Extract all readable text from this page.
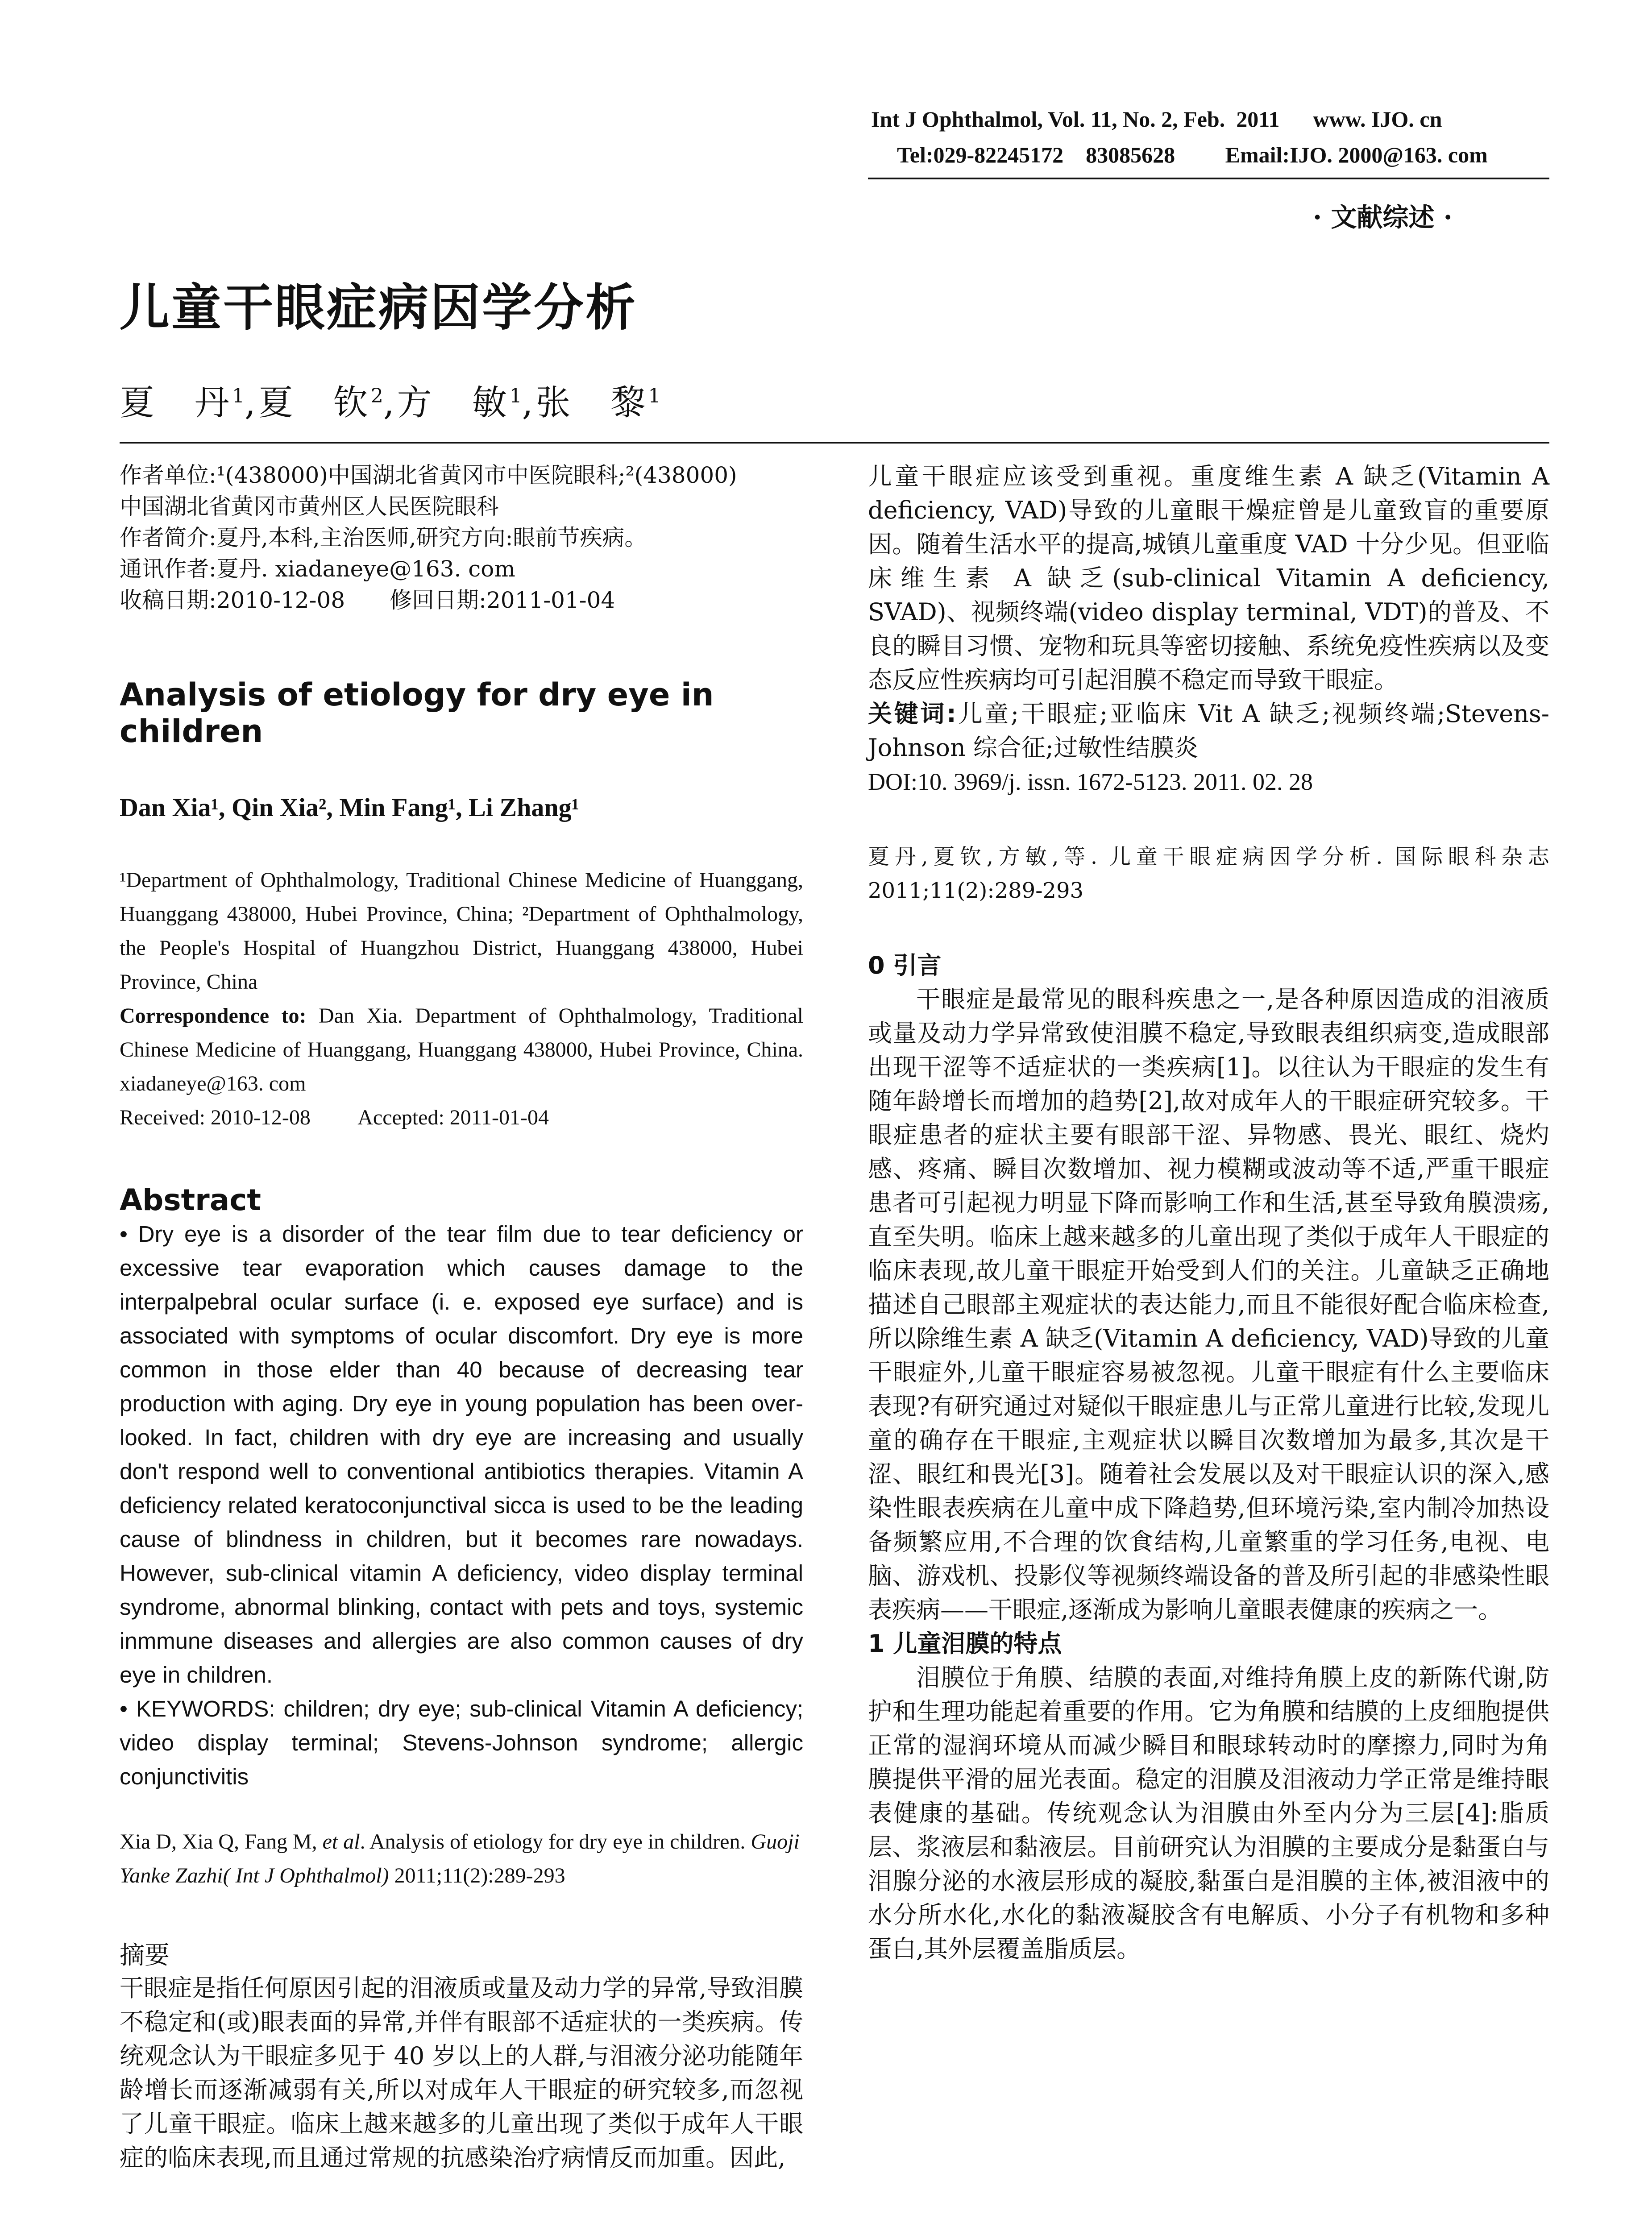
Int J Ophthalmol, Vol. 11, No. 2, Feb.  2011      www. IJO. cn
Tel:029-82245172    83085628         Email:IJO. 2000@163. com
· 文献综述 ·
儿童干眼症病因学分析
夏　丹$^1$,夏　钦$^2$,方　敏$^1$,张　黎$^1$
作者单位:¹(438000)中国湖北省黄冈市中医院眼科;²(438000)
中国湖北省黄冈市黄州区人民医院眼科
作者简介:夏丹,本科,主治医师,研究方向:眼前节疾病。
通讯作者:夏丹. xiadaneye@163. com
收稿日期:2010-12-08　　修回日期:2011-01-04
Analysis of etiology for dry eye in children
Dan Xia¹, Qin Xia², Min Fang¹, Li Zhang¹
¹Department of Ophthalmology, Traditional Chinese Medicine of Huanggang, Huanggang 438000, Hubei Province, China; ²Department of Ophthalmology, the People's Hospital of Huangzhou District, Huanggang 438000, Hubei Province, China
Correspondence to: Dan Xia. Department of Ophthalmology, Traditional Chinese Medicine of Huanggang, Huanggang 438000, Hubei Province, China. xiadaneye@163. com
Received: 2010-12-08　　 Accepted: 2011-01-04
Abstract

• Dry eye is a disorder of the tear film due to tear deficiency or excessive tear evaporation which causes damage to the interpalpebral ocular surface (i. e. exposed eye surface) and is associated with symptoms of ocular discomfort. Dry eye is more common in those elder than 40 because of decreasing tear production with aging. Dry eye in young population has been over-looked. In fact, children with dry eye are increasing and usually don't respond well to conventional antibiotics therapies. Vitamin A deficiency related keratoconjunctival sicca is used to be the leading cause of blindness in children, but it becomes rare nowadays. However, sub-clinical vitamin A deficiency, video display terminal syndrome, abnormal blinking, contact with pets and toys, systemic inmmune diseases and allergies are also common causes of dry eye in children.

• KEYWORDS: children; dry eye; sub-clinical Vitamin A deficiency; video display terminal; Stevens-Johnson syndrome; allergic conjunctivitis

Xia D, Xia Q, Fang M, et al. Analysis of etiology for dry eye in children. Guoji Yanke Zazhi( Int J Ophthalmol) 2011;11(2):289-293
摘要

干眼症是指任何原因引起的泪液质或量及动力学的异常,导致泪膜不稳定和(或)眼表面的异常,并伴有眼部不适症状的一类疾病。传统观念认为干眼症多见于 40 岁以上的人群,与泪液分泌功能随年龄增长而逐渐减弱有关,所以对成年人干眼症的研究较多,而忽视了儿童干眼症。临床上越来越多的儿童出现了类似于成年人干眼症的临床表现,而且通过常规的抗感染治疗病情反而加重。因此,

儿童干眼症应该受到重视。重度维生素 A 缺乏(Vitamin A deficiency, VAD)导致的儿童眼干燥症曾是儿童致盲的重要原因。随着生活水平的提高,城镇儿童重度 VAD 十分少见。但亚临床维生素 A 缺乏(sub-clinical Vitamin A deficiency, SVAD)、视频终端(video display terminal, VDT)的普及、不良的瞬目习惯、宠物和玩具等密切接触、系统免疫性疾病以及变态反应性疾病均可引起泪膜不稳定而导致干眼症。

关键词:儿童;干眼症;亚临床 Vit A 缺乏;视频终端;Stevens-Johnson 综合征;过敏性结膜炎

DOI:10. 3969/j. issn. 1672-5123. 2011. 02. 28

夏丹,夏钦,方敏,等. 儿童干眼症病因学分析. 国际眼科杂志 2011;11(2):289-293

0 引言

干眼症是最常见的眼科疾患之一,是各种原因造成的泪液质或量及动力学异常致使泪膜不稳定,导致眼表组织病变,造成眼部出现干涩等不适症状的一类疾病[1]。以往认为干眼症的发生有随年龄增长而增加的趋势[2],故对成年人的干眼症研究较多。干眼症患者的症状主要有眼部干涩、异物感、畏光、眼红、烧灼感、疼痛、瞬目次数增加、视力模糊或波动等不适,严重干眼症患者可引起视力明显下降而影响工作和生活,甚至导致角膜溃疡,直至失明。临床上越来越多的儿童出现了类似于成年人干眼症的临床表现,故儿童干眼症开始受到人们的关注。儿童缺乏正确地描述自己眼部主观症状的表达能力,而且不能很好配合临床检查,所以除维生素 A 缺乏(Vitamin A deficiency, VAD)导致的儿童干眼症外,儿童干眼症容易被忽视。儿童干眼症有什么主要临床表现?有研究通过对疑似干眼症患儿与正常儿童进行比较,发现儿童的确存在干眼症,主观症状以瞬目次数增加为最多,其次是干涩、眼红和畏光[3]。随着社会发展以及对干眼症认识的深入,感染性眼表疾病在儿童中成下降趋势,但环境污染,室内制冷加热设备频繁应用,不合理的饮食结构,儿童繁重的学习任务,电视、电脑、游戏机、投影仪等视频终端设备的普及所引起的非感染性眼表疾病——干眼症,逐渐成为影响儿童眼表健康的疾病之一。

1 儿童泪膜的特点

泪膜位于角膜、结膜的表面,对维持角膜上皮的新陈代谢,防护和生理功能起着重要的作用。它为角膜和结膜的上皮细胞提供正常的湿润环境从而减少瞬目和眼球转动时的摩擦力,同时为角膜提供平滑的屈光表面。稳定的泪膜及泪液动力学正常是维持眼表健康的基础。传统观念认为泪膜由外至内分为三层[4]:脂质层、浆液层和黏液层。目前研究认为泪膜的主要成分是黏蛋白与泪腺分泌的水液层形成的凝胶,黏蛋白是泪膜的主体,被泪液中的水分所水化,水化的黏液凝胶含有电解质、小分子有机物和多种蛋白,其外层覆盖脂质层。
